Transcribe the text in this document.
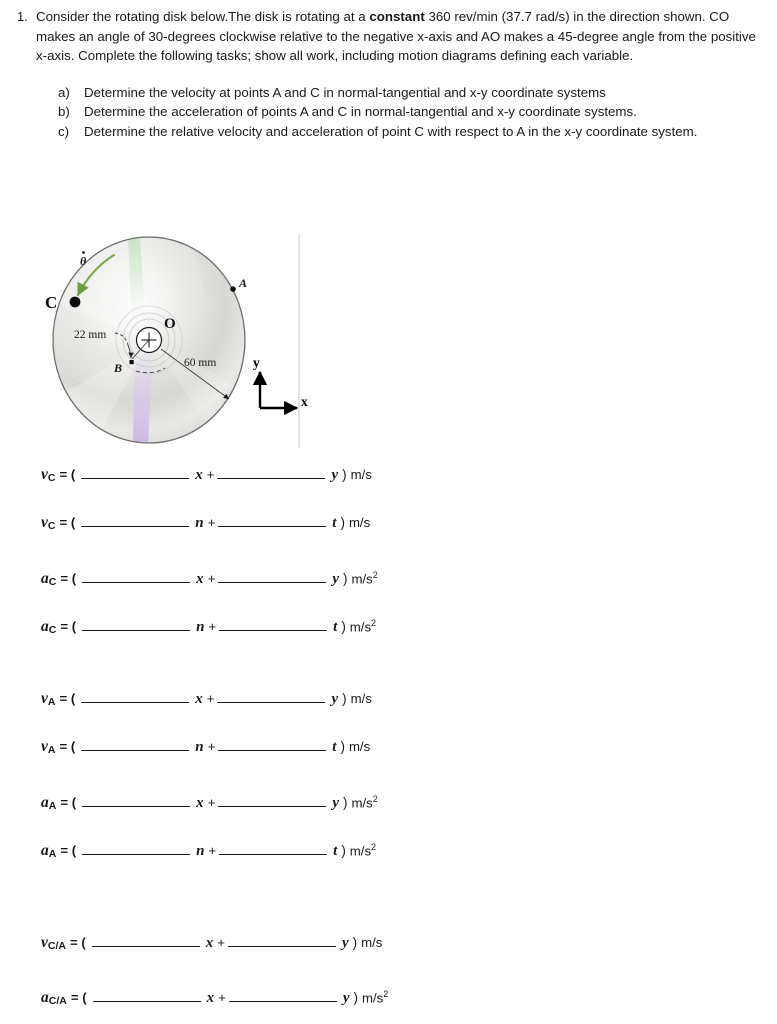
1. Consider the rotating disk below.The disk is rotating at a constant 360 rev/min (37.7 rad/s) in the direction shown. CO makes an angle of 30-degrees clockwise relative to the negative x-axis and AO makes a 45-degree angle from the positive x-axis. Complete the following tasks; show all work, including motion diagrams defining each variable.
a)	Determine the velocity at points A and C in normal-tangential and x-y coordinate systems
b)	Determine the acceleration of points A and C in normal-tangential and x-y coordinate systems.
c)	Determine the relative velocity and acceleration of point C with respect to A in the x-y coordinate system.
θ
C
A
B
O
22 mm
60 mm	y
x
v C = (	x +	y ) m/s
v C = (	n +	t ) m/s
a C = (	x +	y ) $m/s^2$
a C = (	n +	t ) $m/s^2$
v A = (	x +	y ) m/s
v A = (	n +	t ) m/s
a A = (	x +	y ) $m/s^2$
a A = (	n +	t ) $m/s^2$
v C/A = (	x +	y ) m/s
a C/A = (	x +	y ) $m/s^2$
